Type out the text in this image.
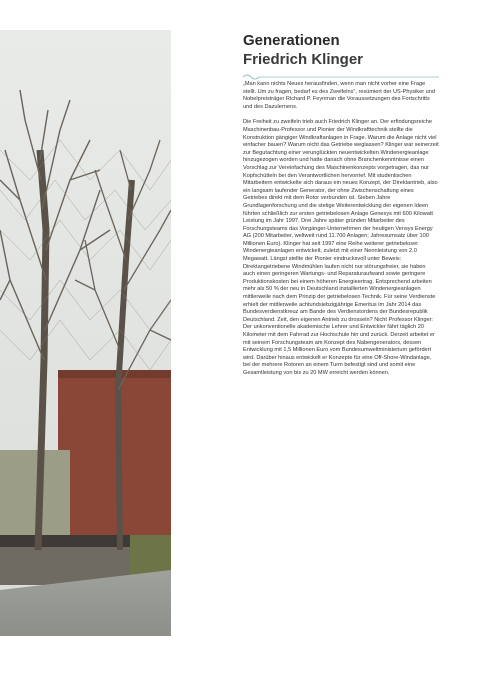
Generationen
Friedrich Klinger

„Man kann nichts Neues herausfinden, wenn man nicht vorher eine Frage stellt. Um zu fragen, bedarf es des Zweifelns", resümiert der US-Physiker und Nobelpreisträger Richard P. Feynman die Voraussetzungen des Fortschritts und des Dazulernens.

Die Freiheit zu zweifeln trieb auch Friedrich Klinger an. Der erfindungsreiche Maschinenbau-Professor und Pionier der Windkrafttechnik stellte die Konstruktion gängiger Windkraftanlagen in Frage. Warum die Anlage nicht viel einfacher bauen? Warum nicht das Getriebe weglassen? Klinger war seinerzeit zur Begutachtung einer verunglückten neuentwickelten Windenergieanlage hinzugezogen worden und hatte danach ohne Branchenkenntnisse einen Vorschlag zur Vereinfachung des Maschinenkonzepts vorgetragen, das nur Kopfschütteln bei den Verantwortlichen hervorrief. Mit studentischen Mitarbeitern entwickelte sich daraus ein neues Konzept, der Direktantrieb, also ein langsam laufender Generator, der ohne Zwischenschaltung eines Getriebes direkt mit dem Rotor verbunden ist. Sieben Jahre Grundlagenforschung und die stetige Weiterentwicklung der eigenen Ideen führten schließlich zur ersten getriebelosen Anlage Genesys mit 600 Kilowatt Leistung im Jahr 1997. Drei Jahre später gründen Mitarbeiter des Forschungsteams das Vorgänger-Unternehmen der heutigen Vensys Energy AG (200 Mitarbeiter, weltweit rund 11.700 Anlagen; Jahresumsatz über 100 Millionen Euro). Klinger hat seit 1997 eine Reihe weiterer getriebeloser Windenergieanlagen entwickelt, zuletzt mit einer Nennleistung von 2,0 Megawatt. Längst stellte der Pionier eindrucksvoll unter Beweis: Direktangetriebene Windmühlen laufen nicht nur störungsfreier, sie haben auch einen geringeren Wartungs- und Reparaturaufwand sowie geringere Produktionskosten bei einem höheren Energieertrag. Entsprechend arbeiten mehr als 50 % der neu in Deutschland installierten Windenergieanlagen mittlerweile nach dem Prinzip der getriebelosen Technik. Für seine Verdienste erhielt der mittlerweile achtundsiebzigjährige Emeritus im Jahr 2014 das Bundesverdienstkreuz am Bande des Verdienstordens der Bundesrepublik Deutschland. Zeit, den eigenen Antrieb zu drosseln? Nicht Professor Klinger: Der unkonventionelle akademische Lehrer und Entwickler fährt täglich 20 Kilometer mit dem Fahrrad zur Hochschule hin und zurück. Derzeit arbeitet er mit seinem Forschungsteam am Konzept des Nabengenerators, dessen Entwicklung mit 1,5 Millionen Euro vom Bundesumweltministerium gefördert wird. Darüber hinaus entwickelt er Konzepte für eine Off-Shore-Windanlage, bei der mehrere Rotoren an einem Turm befestigt sind und somit eine Gesamtleistung von bis zu 20 MW erreicht werden können.
